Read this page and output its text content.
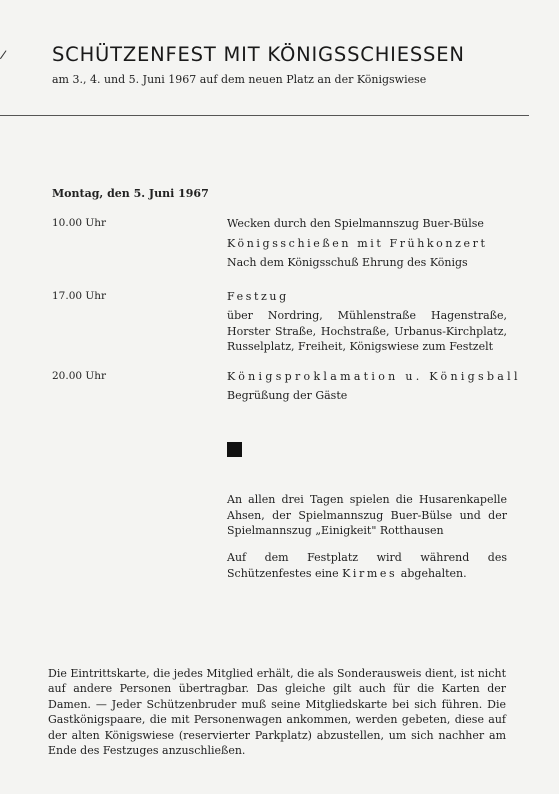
SCHÜTZENFEST MIT KÖNIGSSCHIESSEN
am 3., 4. und 5. Juni 1967 auf dem neuen Platz an der Königswiese
Montag, den 5. Juni 1967
10.00 Uhr	Wecken durch den Spielmannszug Buer-Bülse
Königsschießen mit Frühkonzert
Nach dem Königsschuß Ehrung des Königs
17.00 Uhr	Festzug
über Nordring, Mühlenstraße Hagenstraße, Horster Straße, Hochstraße, Urbanus-Kirchplatz, Russelplatz, Freiheit, Königswiese zum Festzelt
20.00 Uhr	Königsproklamation u. Königsball
Begrüßung der Gäste
An allen drei Tagen spielen die Husarenkapelle Ahsen, der Spielmannszug Buer-Bülse und der Spielmannszug „Einigkeit" Rotthausen
Auf dem Festplatz wird während des Schützenfestes eine Kirmes abgehalten.
Die Eintrittskarte, die jedes Mitglied erhält, die als Sonderausweis dient, ist nicht auf andere Personen übertragbar. Das gleiche gilt auch für die Karten der Damen. — Jeder Schützenbruder muß seine Mitgliedskarte bei sich führen. Die Gastkönigspaare, die mit Personenwagen ankommen, werden gebeten, diese auf der alten Königswiese (reservierter Parkplatz) abzustellen, um sich nachher am Ende des Festzuges anzuschließen.
